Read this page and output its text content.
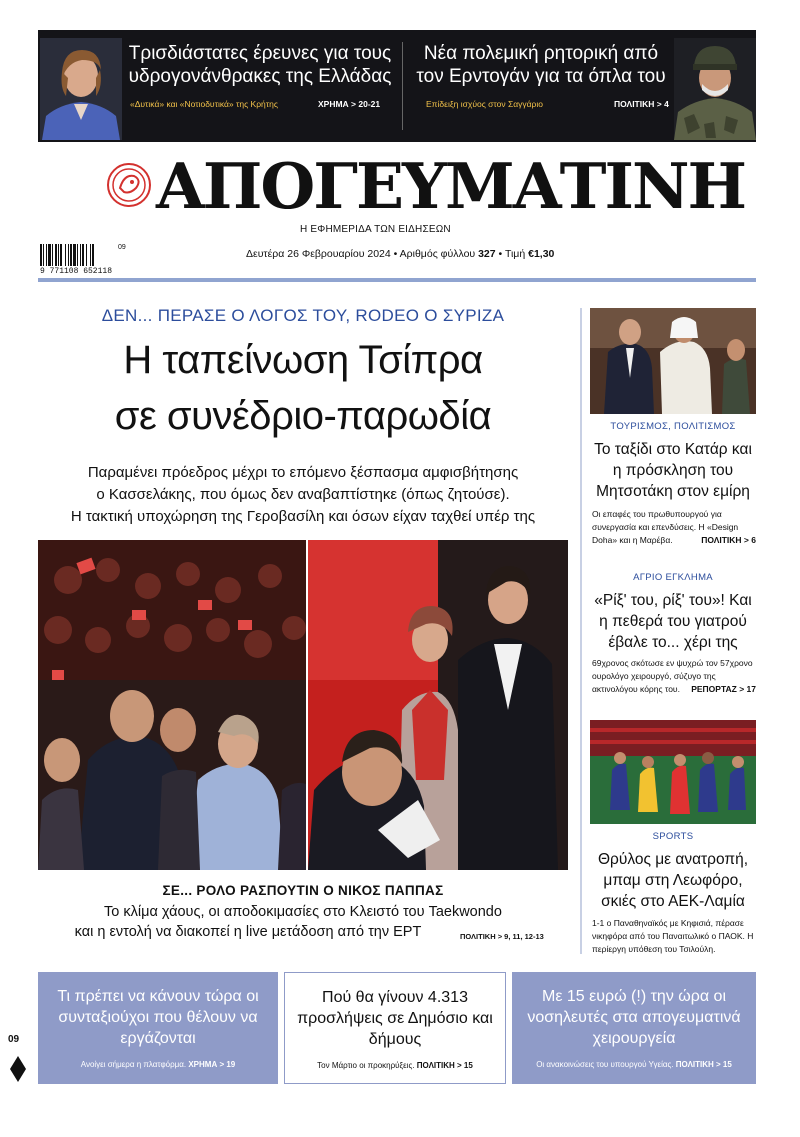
Τρισδιάστατες έρευνες για τους υδρογονάνθρακες της Ελλάδας
«Δυτικά» και «Νοτιοδυτικά» της Κρήτης	ΧΡΗΜΑ > 20-21
Νέα πολεμική ρητορική από τον Ερντογάν για τα όπλα του
Επίδειξη ισχύος στον Σαγγάριο	ΠΟΛΙΤΙΚΗ > 4
ΑΠΟΓΕΥΜΑΤΙΝΗ
Η ΕΦΗΜΕΡΙΔΑ ΤΩΝ ΕΙΔΗΣΕΩΝ
09
9 771108 652118
Δευτέρα 26 Φεβρουαρίου 2024 • Αριθμός φύλλου 327 • Τιμή €1,30
ΔΕΝ... ΠΕΡΑΣΕ Ο ΛΟΓΟΣ ΤΟΥ, RODEO Ο ΣΥΡΙΖΑ
Η ταπείνωση Τσίπρα
σε συνέδριο-παρωδία
Παραμένει πρόεδρος μέχρι το επόμενο ξέσπασμα αμφισβήτησης
ο Κασσελάκης, που όμως δεν αναβαπτίστηκε (όπως ζητούσε).
Η τακτική υποχώρηση της Γεροβασίλη και όσων είχαν ταχθεί υπέρ της
ΣΕ... ΡΟΛΟ ΡΑΣΠΟΥΤΙΝ Ο ΝΙΚΟΣ ΠΑΠΠΑΣ
Το κλίμα χάους, οι αποδοκιμασίες στο Κλειστό του Taekwondo
και η εντολή να διακοπεί η live μετάδοση από την ΕΡΤ	ΠΟΛΙΤΙΚΗ > 9, 11, 12-13
ΤΟΥΡΙΣΜΟΣ, ΠΟΛΙΤΙΣΜΟΣ
Το ταξίδι στο Κατάρ και η πρόσκληση του Μητσοτάκη στον εμίρη
Οι επαφές του πρωθυπουργού για συνεργασία και επενδύσεις. Η «Design Doha» και η Μαρέβα.	ΠΟΛΙΤΙΚΗ > 6
ΑΓΡΙΟ ΕΓΚΛΗΜΑ
«Ρίξ' του, ρίξ' του»! Και η πεθερά του γιατρού έβαλε το... χέρι της
69χρονος σκότωσε εν ψυχρώ τον 57χρονο ουρολόγο χειρουργό, σύζυγο της ακτινολόγου κόρης του. ΡΕΠΟΡΤΑΖ > 17
SPORTS
Θρύλος με ανατροπή, μπαμ στη Λεωφόρο, σκιές στο ΑΕΚ-Λαμία
1-1 ο Παναθηναϊκός με Κηφισιά, πέρασε νικηφόρα από του Παναιτωλικό ο ΠΑΟΚ. Η περίεργη υπόθεση του Τσιλούλη.
Τι πρέπει να κάνουν τώρα οι συνταξιούχοι που θέλουν να εργάζονται
Ανοίγει σήμερα η πλατφόρμα. ΧΡΗΜΑ > 19
Πού θα γίνουν 4.313 προσλήψεις σε Δημόσιο και δήμους
Τον Μάρτιο οι προκηρύξεις. ΠΟΛΙΤΙΚΗ > 15
Με 15 ευρώ (!) την ώρα οι νοσηλευτές στα απογευματινά χειρουργεία
Οι ανακοινώσεις του υπουργού Υγείας. ΠΟΛΙΤΙΚΗ > 15
09
